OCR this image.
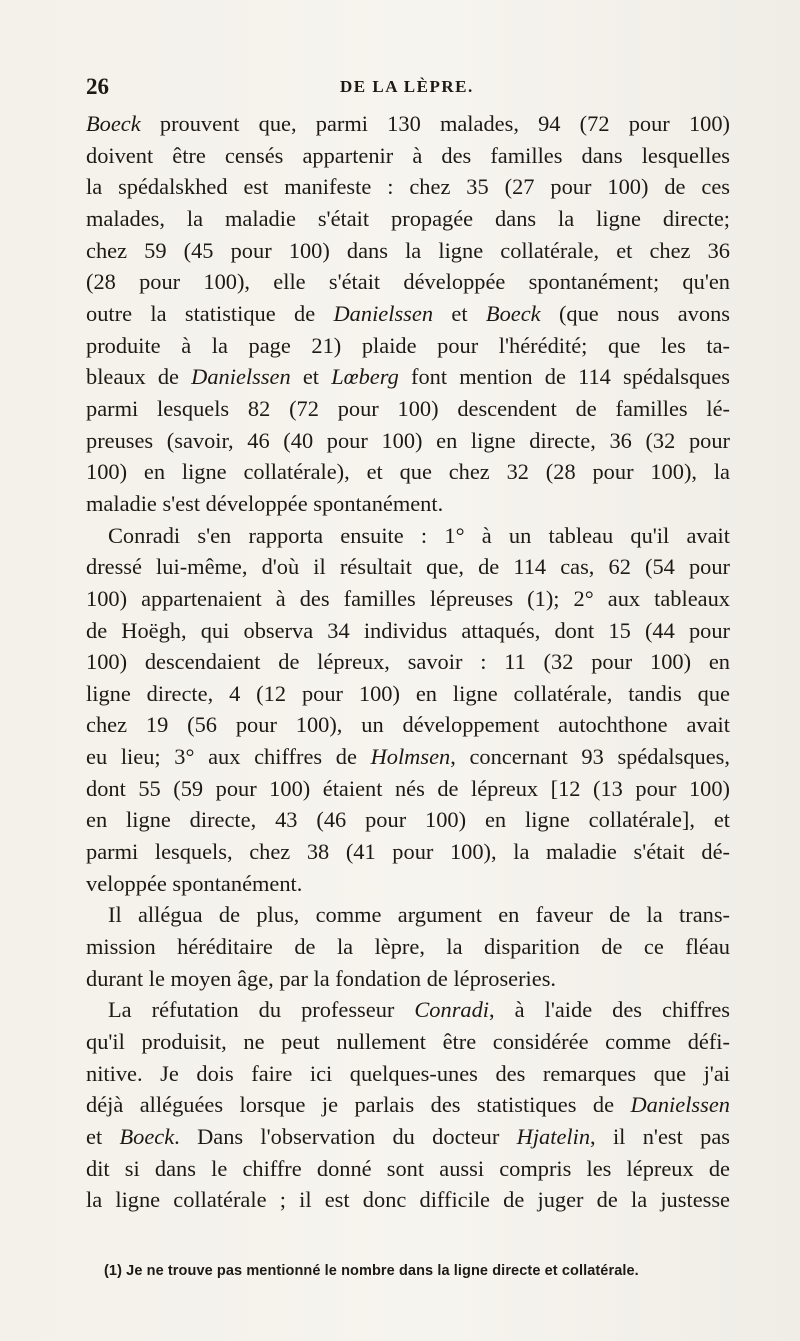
26	DE LA LÈPRE.

Boeck prouvent que, parmi 130 malades, 94 (72 pour 100)
doivent être censés appartenir à des familles dans lesquelles
la spédalskhed est manifeste : chez 35 (27 pour 100) de ces
malades, la maladie s'était propagée dans la ligne directe;
chez 59 (45 pour 100) dans la ligne collatérale, et chez 36
(28 pour 100), elle s'était développée spontanément; qu'en
outre la statistique de Danielssen et Boeck (que nous avons
produite à la page 21) plaide pour l'hérédité; que les ta-
bleaux de Danielssen et Lœberg font mention de 114 spédalsques
parmi lesquels 82 (72 pour 100) descendent de familles lé-
preuses (savoir, 46 (40 pour 100) en ligne directe, 36 (32 pour
100) en ligne collatérale), et que chez 32 (28 pour 100), la
maladie s'est développée spontanément.

Conradi s'en rapporta ensuite : 1° à un tableau qu'il avait
dressé lui-même, d'où il résultait que, de 114 cas, 62 (54 pour
100) appartenaient à des familles lépreuses (1); 2° aux tableaux
de Hoëgh, qui observa 34 individus attaqués, dont 15 (44 pour
100) descendaient de lépreux, savoir : 11 (32 pour 100) en
ligne directe, 4 (12 pour 100) en ligne collatérale, tandis que
chez 19 (56 pour 100), un développement autochthone avait
eu lieu; 3° aux chiffres de Holmsen, concernant 93 spédalsques,
dont 55 (59 pour 100) étaient nés de lépreux [12 (13 pour 100)
en ligne directe, 43 (46 pour 100) en ligne collatérale], et
parmi lesquels, chez 38 (41 pour 100), la maladie s'était dé-
veloppée spontanément.

Il allégua de plus, comme argument en faveur de la trans-
mission héréditaire de la lèpre, la disparition de ce fléau
durant le moyen âge, par la fondation de léproseries.

La réfutation du professeur Conradi, à l'aide des chiffres
qu'il produisit, ne peut nullement être considérée comme défi-
nitive. Je dois faire ici quelques-unes des remarques que j'ai
déjà alléguées lorsque je parlais des statistiques de Danielssen
et Boeck. Dans l'observation du docteur Hjatelin, il n'est pas
dit si dans le chiffre donné sont aussi compris les lépreux de
la ligne collatérale ; il est donc difficile de juger de la justesse

(1) Je ne trouve pas mentionné le nombre dans la ligne directe et collatérale.
